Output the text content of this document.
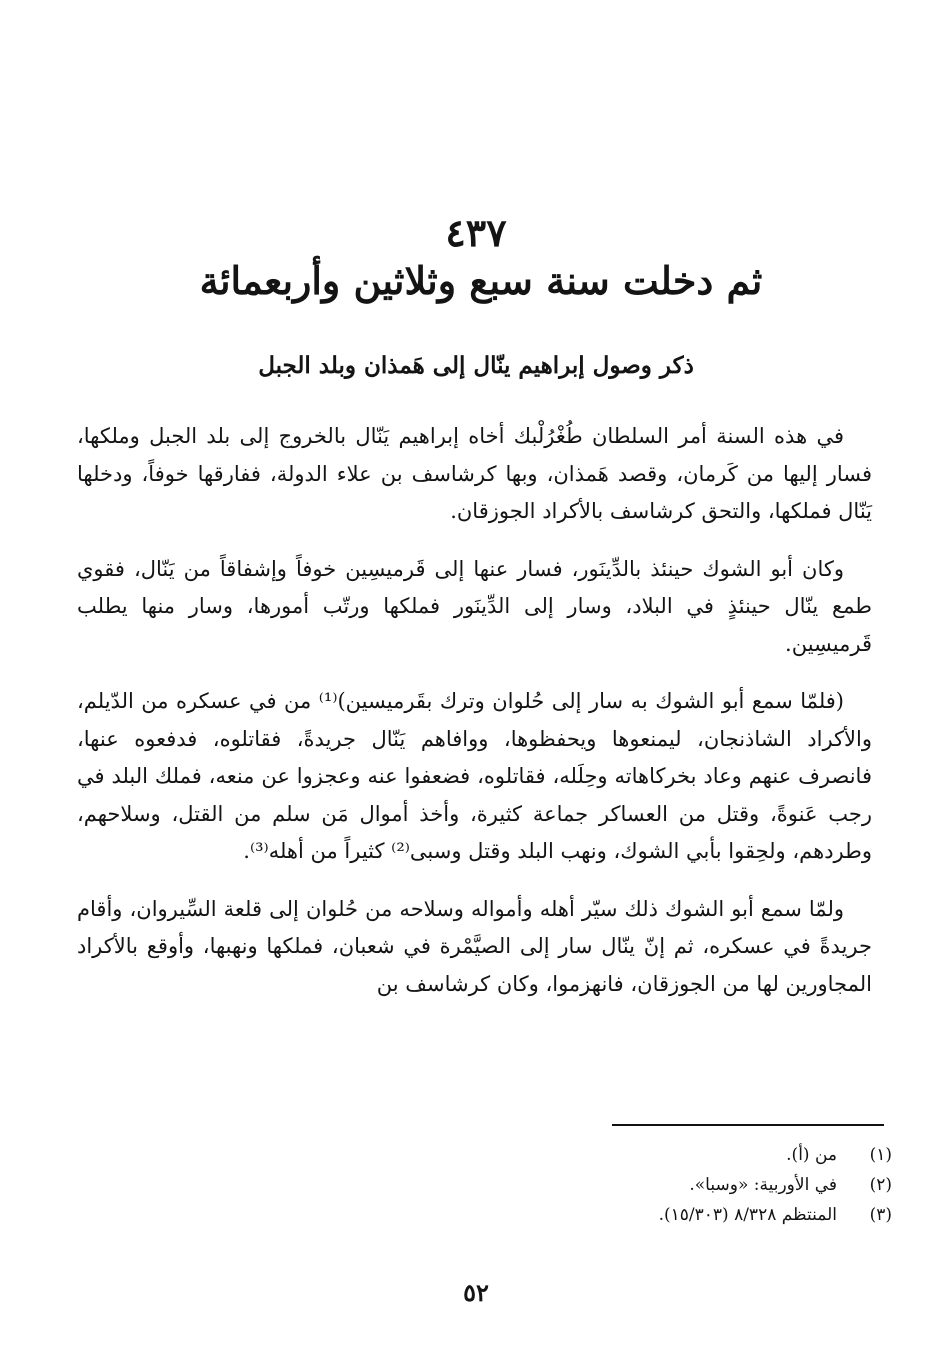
٤٣٧
ثم دخلت سنة سبع وثلاثين وأربعمائة
ذكر وصول إبراهيم ينّال إلى هَمذان وبلد الجبل

في هذه السنة أمر السلطان طُغْرُلْبك أخاه إبراهيم يَنّال بالخروج إلى بلد الجبل وملكها، فسار إليها من كَرمان، وقصد هَمذان، وبها كرشاسف بن علاء الدولة، ففارقها خوفاً، ودخلها يَنّال فملكها، والتحق كرشاسف بالأكراد الجوزقان.

وكان أبو الشوك حينئذ بالدِّينَور، فسار عنها إلى قَرميسِين خوفاً وإشفاقاً من يَنّال، فقوي طمع ينّال حينئذٍ في البلاد، وسار إلى الدِّينَور فملكها ورتّب أمورها، وسار منها يطلب قَرميسِين.

(فلمّا سمع أبو الشوك به سار إلى حُلوان وترك بقَرميسين)⁽¹⁾ من في عسكره من الدّيلم، والأكراد الشاذنجان، ليمنعوها ويحفظوها، ووافاهم يَنّال جريدةً، فقاتلوه، فدفعوه عنها، فانصرف عنهم وعاد بخركاهاته وحِلَله، فقاتلوه، فضعفوا عنه وعجزوا عن منعه، فملك البلد في رجب عَنوةً، وقتل من العساكر جماعة كثيرة، وأخذ أموال مَن سلم من القتل، وسلاحهم، وطردهم، ولحِقوا بأبي الشوك، ونهب البلد وقتل وسبى⁽²⁾ كثيراً من أهله⁽³⁾.

ولمّا سمع أبو الشوك ذلك سيّر أهله وأمواله وسلاحه من حُلوان إلى قلعة السِّيروان، وأقام جريدةً في عسكره، ثم إنّ ينّال سار إلى الصيَّمْرة في شعبان، فملكها ونهبها، وأوقع بالأكراد المجاورين لها من الجوزقان، فانهزموا، وكان كرشاسف بن

(١)
من (أ).
(٢)
في الأوربية: «وسبا».
(٣)
المنتظم ٨/٣٢٨ (١٥/٣٠٣).
٥٢
